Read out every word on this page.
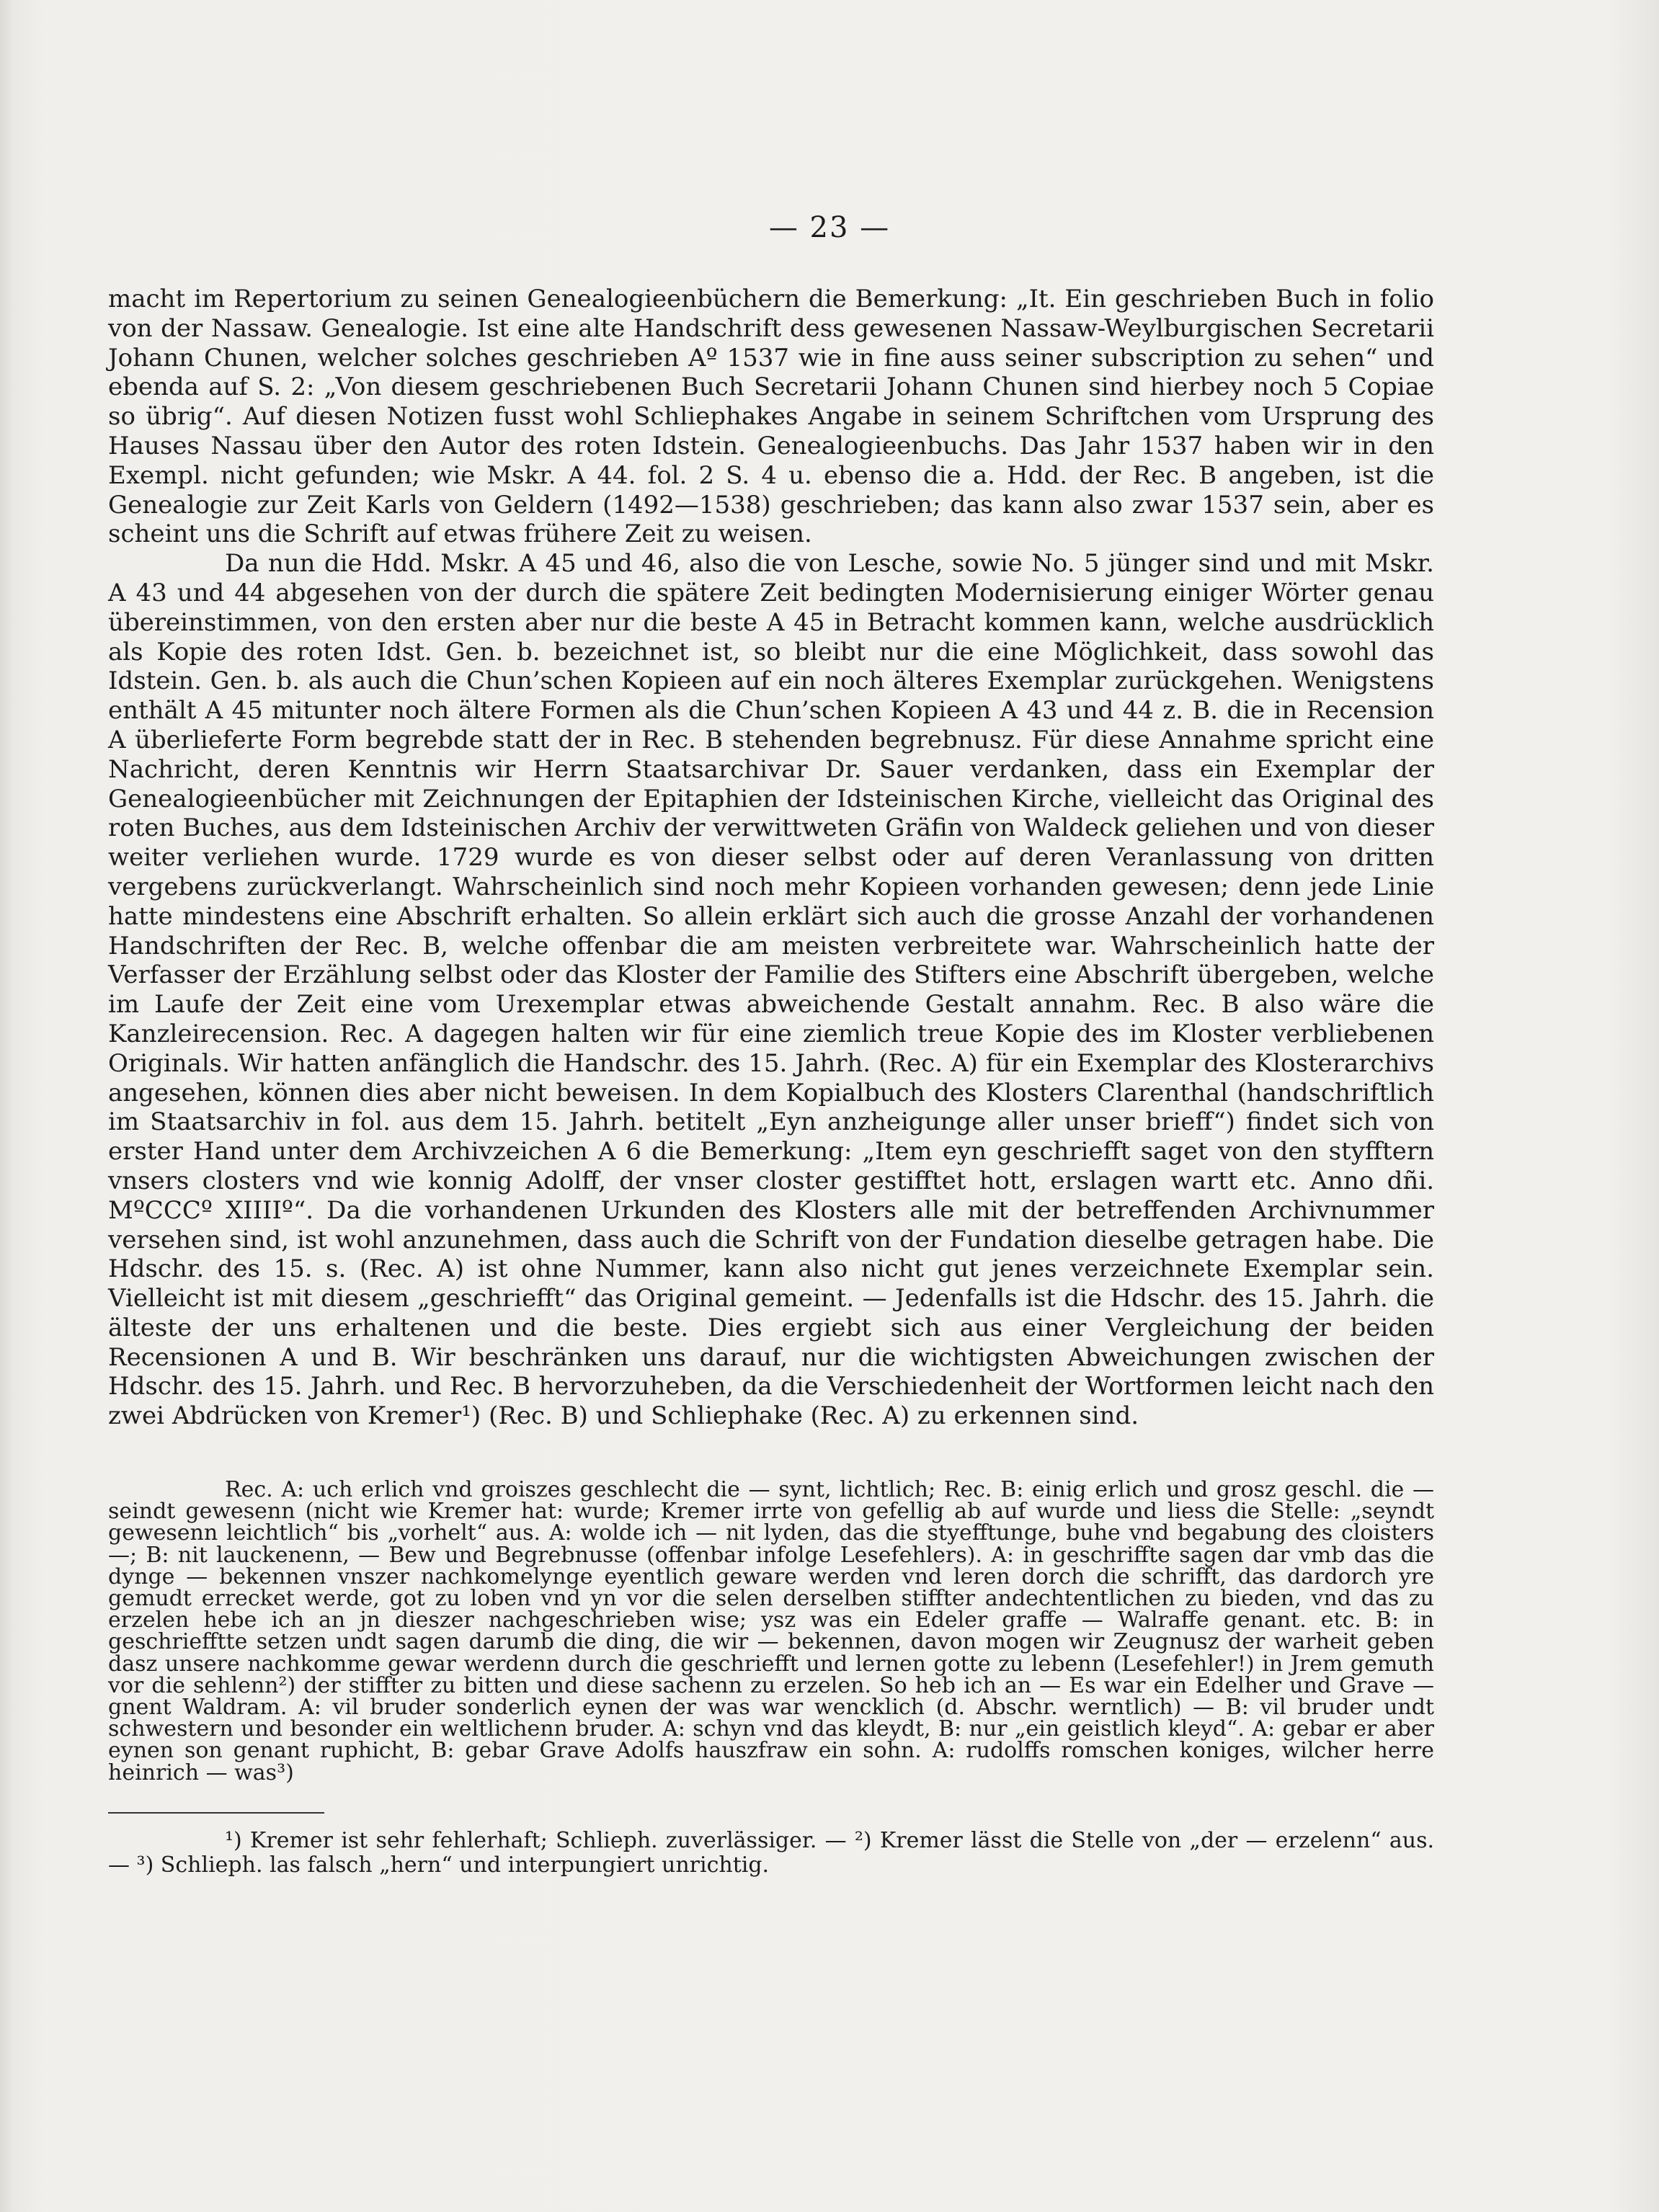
— 23 —

macht im Repertorium zu seinen Genealogieenbüchern die Bemerkung: „It. Ein geschrieben Buch in folio von der Nassaw. Genealogie. Ist eine alte Handschrift dess gewesenen Nassaw-Weylburgischen Secretarii Johann Chunen, welcher solches geschrieben Aº 1537 wie in fine auss seiner subscription zu sehen“ und ebenda auf S. 2: „Von diesem geschriebenen Buch Secretarii Johann Chunen sind hierbey noch 5 Copiae so übrig“. Auf diesen Notizen fusst wohl Schliephakes Angabe in seinem Schriftchen vom Ursprung des Hauses Nassau über den Autor des roten Idstein. Genealogieenbuchs. Das Jahr 1537 haben wir in den Exempl. nicht gefunden; wie Mskr. A 44. fol. 2 S. 4 u. ebenso die a. Hdd. der Rec. B angeben, ist die Genealogie zur Zeit Karls von Geldern (1492—1538) geschrieben; das kann also zwar 1537 sein, aber es scheint uns die Schrift auf etwas frühere Zeit zu weisen.

Da nun die Hdd. Mskr. A 45 und 46, also die von Lesche, sowie No. 5 jünger sind und mit Mskr. A 43 und 44 abgesehen von der durch die spätere Zeit bedingten Modernisierung einiger Wörter genau übereinstimmen, von den ersten aber nur die beste A 45 in Betracht kommen kann, welche ausdrücklich als Kopie des roten Idst. Gen. b. bezeichnet ist, so bleibt nur die eine Möglichkeit, dass sowohl das Idstein. Gen. b. als auch die Chun’schen Kopieen auf ein noch älteres Exemplar zurückgehen. Wenigstens enthält A 45 mitunter noch ältere Formen als die Chun’schen Kopieen A 43 und 44 z. B. die in Recension A überlieferte Form begrebde statt der in Rec. B stehenden begrebnusz. Für diese Annahme spricht eine Nachricht, deren Kenntnis wir Herrn Staatsarchivar Dr. Sauer verdanken, dass ein Exemplar der Genealogieenbücher mit Zeichnungen der Epitaphien der Idsteinischen Kirche, vielleicht das Original des roten Buches, aus dem Idsteinischen Archiv der verwittweten Gräfin von Waldeck geliehen und von dieser weiter verliehen wurde. 1729 wurde es von dieser selbst oder auf deren Veranlassung von dritten vergebens zurückverlangt. Wahrscheinlich sind noch mehr Kopieen vorhanden gewesen; denn jede Linie hatte mindestens eine Abschrift erhalten. So allein erklärt sich auch die grosse Anzahl der vorhandenen Handschriften der Rec. B, welche offenbar die am meisten verbreitete war. Wahrscheinlich hatte der Verfasser der Erzählung selbst oder das Kloster der Familie des Stifters eine Abschrift übergeben, welche im Laufe der Zeit eine vom Urexemplar etwas abweichende Gestalt annahm. Rec. B also wäre die Kanzleirecension. Rec. A dagegen halten wir für eine ziemlich treue Kopie des im Kloster verbliebenen Originals. Wir hatten anfänglich die Handschr. des 15. Jahrh. (Rec. A) für ein Exemplar des Klosterarchivs angesehen, können dies aber nicht beweisen. In dem Kopialbuch des Klosters Clarenthal (handschriftlich im Staatsarchiv in fol. aus dem 15. Jahrh. betitelt „Eyn anzheigunge aller unser brieff“) findet sich von erster Hand unter dem Archivzeichen A 6 die Bemerkung: „Item eyn geschriefft saget von den styfftern vnsers closters vnd wie konnig Adolff, der vnser closter gestifftet hott, erslagen wartt etc. Anno dñi. MºCCCº XIIIIº“. Da die vorhandenen Urkunden des Klosters alle mit der betreffenden Archivnummer versehen sind, ist wohl anzunehmen, dass auch die Schrift von der Fundation dieselbe getragen habe. Die Hdschr. des 15. s. (Rec. A) ist ohne Nummer, kann also nicht gut jenes verzeichnete Exemplar sein. Vielleicht ist mit diesem „geschriefft“ das Original gemeint. — Jedenfalls ist die Hdschr. des 15. Jahrh. die älteste der uns erhaltenen und die beste. Dies ergiebt sich aus einer Vergleichung der beiden Recensionen A und B. Wir beschränken uns darauf, nur die wichtigsten Abweichungen zwischen der Hdschr. des 15. Jahrh. und Rec. B hervorzuheben, da die Verschiedenheit der Wortformen leicht nach den zwei Abdrücken von Kremer¹) (Rec. B) und Schliephake (Rec. A) zu erkennen sind.

Rec. A: uch erlich vnd groiszes geschlecht die — synt, lichtlich; Rec. B: einig erlich und grosz geschl. die — seindt gewesenn (nicht wie Kremer hat: wurde; Kremer irrte von gefellig ab auf wurde und liess die Stelle: „seyndt gewesenn leichtlich“ bis „vorhelt“ aus. A: wolde ich — nit lyden, das die styefftunge, buhe vnd begabung des cloisters —; B: nit lauckenenn, — Bew und Begrebnusse (offenbar infolge Lesefehlers). A: in geschriffte sagen dar vmb das die dynge — bekennen vnszer nachkomelynge eyentlich geware werden vnd leren dorch die schrifft, das dardorch yre gemudt errecket werde, got zu loben vnd yn vor die selen derselben stiffter andechtentlichen zu bieden, vnd das zu erzelen hebe ich an jn dieszer nachgeschrieben wise; ysz was ein Edeler graffe — Walraffe genant. etc. B: in geschriefftte setzen undt sagen darumb die ding, die wir — bekennen, davon mogen wir Zeugnusz der warheit geben dasz unsere nachkomme gewar werdenn durch die geschriefft und lernen gotte zu lebenn (Lesefehler!) in Jrem gemuth vor die sehlenn²) der stiffter zu bitten und diese sachenn zu erzelen. So heb ich an — Es war ein Edelher und Grave — gnent Waldram. A: vil bruder sonderlich eynen der was war wencklich (d. Abschr. werntlich) — B: vil bruder undt schwestern und besonder ein weltlichenn bruder. A: schyn vnd das kleydt, B: nur „ein geistlich kleyd“. A: gebar er aber eynen son genant ruphicht, B: gebar Grave Adolfs hauszfraw ein sohn. A: rudolffs romschen koniges, wilcher herre heinrich — was³)

¹) Kremer ist sehr fehlerhaft; Schlieph. zuverlässiger. — ²) Kremer lässt die Stelle von „der — erzelenn“ aus. — ³) Schlieph. las falsch „hern“ und interpungiert unrichtig.
